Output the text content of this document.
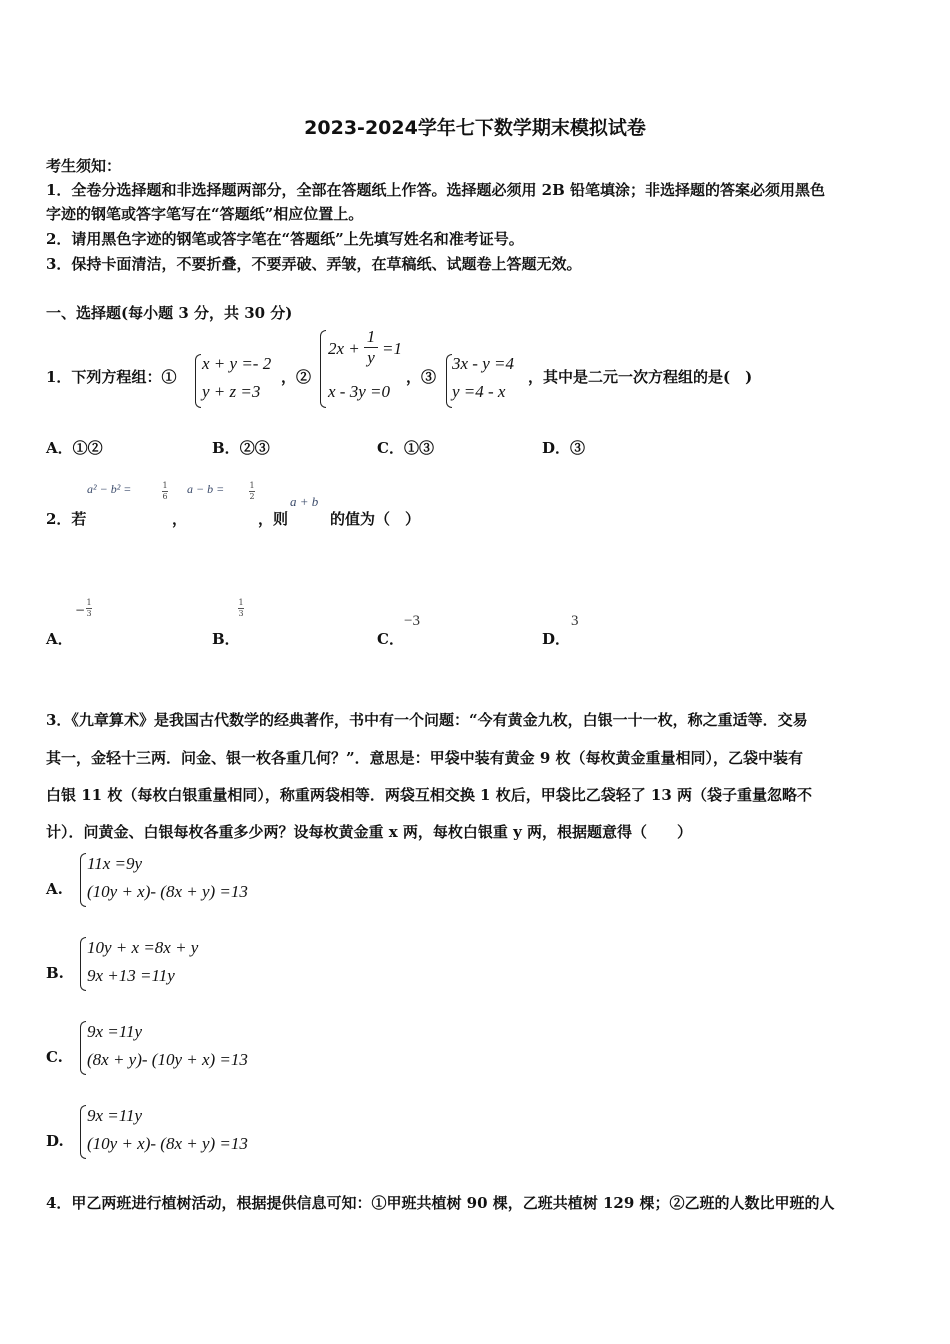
2023-2024学年七下数学期末模拟试卷
考生须知：
1．全卷分选择题和非选择题两部分，全部在答题纸上作答。选择题必须用 2B 铅笔填涂；非选择题的答案必须用黑色
字迹的钢笔或答字笔写在“答题纸”相应位置上。
2．请用黑色字迹的钢笔或答字笔在“答题纸”上先填写姓名和准考证号。
3．保持卡面清洁，不要折叠，不要弄破、弄皱，在草稿纸、试题卷上答题无效。
一、选择题(每小题 3 分，共 30 分)
1．下列方程组：①
x + y =- 2
y + z =3
，②
$2x + \frac{1}{y} =1$
x - 3y =0
，③
3x - y =4
y =4 - x
，其中是二元一次方程组的是(　)
A．①②	B．②③	C．①③	D．③
2．若
a² − b² =	1
6
，
a − b =	1
2
，则
a + b
的值为（　）
A．
−
1
3
B．
1
3
C．
−3
D．
3
3．《九章算术》是我国古代数学的经典著作，书中有一个问题：“今有黄金九枚，白银一十一枚，称之重适等．交易
其一，金轻十三两．问金、银一枚各重几何？”．意思是：甲袋中装有黄金 9 枚（每枚黄金重量相同），乙袋中装有
白银 11 枚（每枚白银重量相同），称重两袋相等．两袋互相交换 1 枚后，甲袋比乙袋轻了 13 两（袋子重量忽略不
计）．问黄金、白银每枚各重多少两？设每枚黄金重 x 两，每枚白银重 y 两，根据题意得（　　）
A.
11x =9y
(10y + x)- (8x + y) =13
B.
10y + x =8x + y
9x +13 =11y
C.
9x =11y
(8x + y)- (10y + x) =13
D.
9x =11y
(10y + x)- (8x + y) =13
4．甲乙两班进行植树活动，根据提供信息可知：①甲班共植树 90 棵，乙班共植树 129 棵；②乙班的人数比甲班的人
